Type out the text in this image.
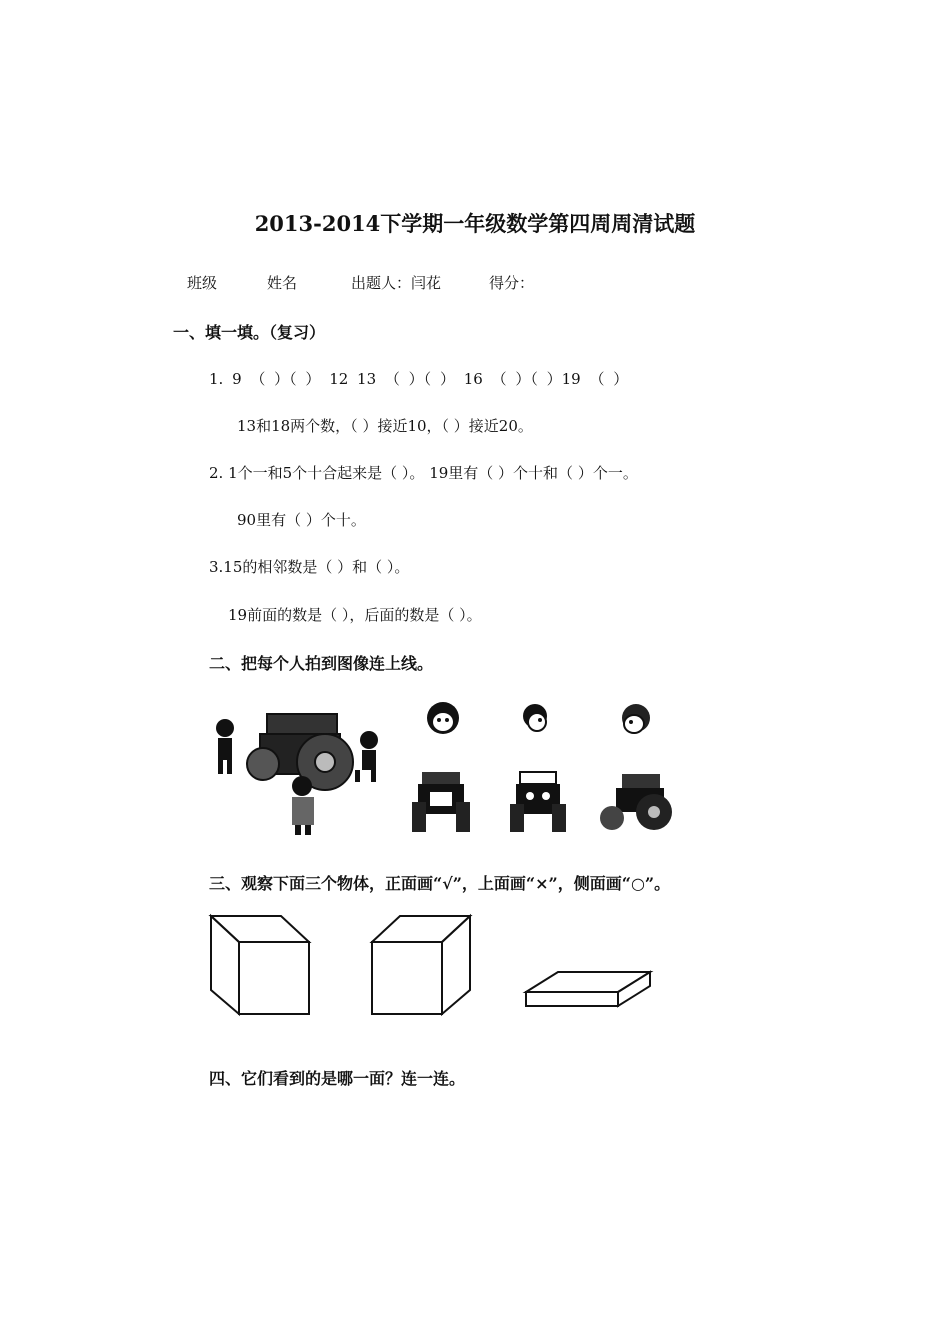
2013-2014下学期一年级数学第四周周清试题
班级	姓名	出题人：闫花	得分：
一、填一填。（复习）
1. 9 （ ）（ ） 12 13 （ ）（ ） 16 （ ）（ ）19 （ ）
13和18两个数，（ ）接近10，（ ）接近20。
2. 1个一和5个十合起来是（ ）。 19里有（ ）个十和（ ）个一。
90里有（ ）个十。
3.15的相邻数是（ ）和（ ）。
19前面的数是（ ），后面的数是（ ）。
二、把每个人拍到图像连上线。
三、观察下面三个物体，正面画“√”，上面画“×”，侧面画“○”。
四、它们看到的是哪一面？连一连。
